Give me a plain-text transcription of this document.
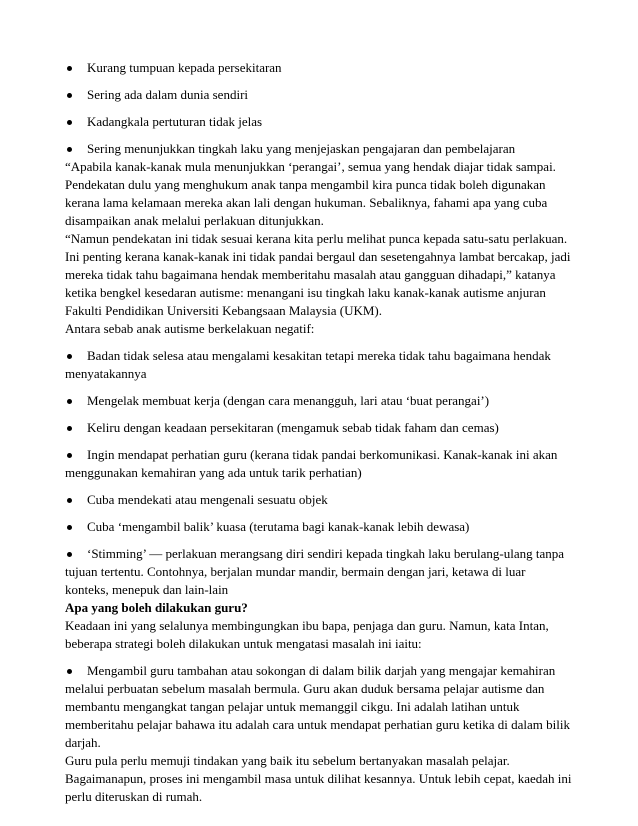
Kurang tumpuan kepada persekitaran
Sering ada dalam dunia sendiri
Kadangkala pertuturan tidak jelas
Sering menunjukkan tingkah laku yang menjejaskan pengajaran dan pembelajaran
“Apabila kanak-kanak mula menunjukkan ‘perangai’, semua yang hendak diajar tidak sampai.
Pendekatan dulu yang menghukum anak tanpa mengambil kira punca tidak boleh digunakan
kerana lama kelamaan mereka akan lali dengan hukuman. Sebaliknya, fahami apa yang cuba
disampaikan anak melalui perlakuan ditunjukkan.
“Namun pendekatan ini tidak sesuai kerana kita perlu melihat punca kepada satu-satu perlakuan.
Ini penting kerana kanak-kanak ini tidak pandai bergaul dan sesetengahnya lambat bercakap, jadi
mereka tidak tahu bagaimana hendak memberitahu masalah atau gangguan dihadapi,” katanya
ketika bengkel kesedaran autisme: menangani isu tingkah laku kanak-kanak autisme anjuran
Fakulti Pendidikan Universiti Kebangsaan Malaysia (UKM).
Antara sebab anak autisme berkelakuan negatif:
Badan tidak selesa atau mengalami kesakitan tetapi mereka tidak tahu bagaimana hendak
menyatakannya
Mengelak membuat kerja (dengan cara menangguh, lari atau ‘buat perangai’)
Keliru dengan keadaan persekitaran (mengamuk sebab tidak faham dan cemas)
Ingin mendapat perhatian guru (kerana tidak pandai berkomunikasi. Kanak-kanak ini akan
menggunakan kemahiran yang ada untuk tarik perhatian)
Cuba mendekati atau mengenali sesuatu objek
Cuba ‘mengambil balik’ kuasa (terutama bagi kanak-kanak lebih dewasa)
‘Stimming’ — perlakuan merangsang diri sendiri kepada tingkah laku berulang-ulang tanpa
tujuan tertentu. Contohnya, berjalan mundar mandir, bermain dengan jari, ketawa di luar
konteks, menepuk dan lain-lain
Apa yang boleh dilakukan guru?
Keadaan ini yang selalunya membingungkan ibu bapa, penjaga dan guru. Namun, kata Intan,
beberapa strategi boleh dilakukan untuk mengatasi masalah ini iaitu:
Mengambil guru tambahan atau sokongan di dalam bilik darjah yang mengajar kemahiran
melalui perbuatan sebelum masalah bermula. Guru akan duduk bersama pelajar autisme dan
membantu mengangkat tangan pelajar untuk memanggil cikgu. Ini adalah latihan untuk
memberitahu pelajar bahawa itu adalah cara untuk mendapat perhatian guru ketika di dalam bilik
darjah.
Guru pula perlu memuji tindakan yang baik itu sebelum bertanyakan masalah pelajar.
Bagaimanapun, proses ini mengambil masa untuk dilihat kesannya. Untuk lebih cepat, kaedah ini
perlu diteruskan di rumah.
